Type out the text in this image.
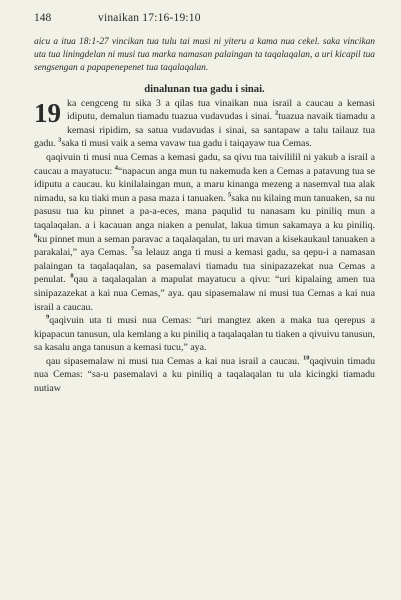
148	vinaikan 17:16-19:10
aicu a itua 18:1-27 vincikan tua tulu tai musi ni yiteru a kama nua cekel. saka vincikan uta tua liningdelan ni musi tua marka namasan palaingan ta taqalaqalan, a uri kicapil tua sengsengan a papapenepenet tua taqalaqalan.
dinalunan tua gadu i sinai.

19 ka cengceng tu sika 3 a qilas tua vinaikan nua israil a caucau a kemasi idiputu, demalun tiamadu tuazua vudavudas i sinai. $^2$tuazua navaik tiamadu a kemasi ripidim, sa satua vudavudas i sinai, sa santapaw a talu tailauz tua gadu. $^3$saka ti musi vaik a sema vavaw tua gadu i taiqayaw tua Cemas.

qaqivuin ti musi nua Cemas a kemasi gadu, sa qivu tua taivililil ni yakub a israil a caucau a mayatucu: $^4$“napacun anga mun tu nakemuda ken a Cemas a patavung tua se idiputu a caucau. ku kinilalaingan mun, a maru kinanga mezeng a nasemval tua alak nimadu, sa ku tiaki mun a pasa maza i tanuaken. $^5$saka nu kilaing mun tanuaken, sa nu pasusu tua ku pinnet a pa-a-eces, mana paqulid tu nanasam ku piniliq mun a taqalaqalan. a i kacauan anga niaken a penulat, lakua timun sakamaya a ku piniliq. $^6$ku pinnet mun a seman paravac a taqalaqalan, tu uri mavan a kisekaukaul tanuaken a parakalai,” aya Cemas. $^7$sa lelauz anga ti musi a kemasi gadu, sa qepu-i a namasan palaingan ta taqalaqalan, sa pasemalavi tiamadu tua sinipazazekat nua Cemas a penulat. $^8$qau a taqalaqalan a mapulat mayatucu a qivu: “uri kipalaing amen tua sinipazazekat a kai nua Cemas,” aya. qau sipasemalaw ni musi tua Cemas a kai nua israil a caucau.

$^9$qaqivuin uta ti musi nua Cemas: “uri mangtez aken a maka tua qerepus a kipapacun tanusun, ula kemlang a ku piniliq a taqalaqalan tu tiaken a qivuivu tanusun, sa kasalu anga tanusun a kemasi tucu,” aya.

qau sipasemalaw ni musi tua Cemas a kai nua israil a caucau. $^{10}$qaqivuin timadu nua Cemas: “sa-u pasemalavi a ku piniliq a taqalaqalan tu ula kicingki tiamadu nutiaw
